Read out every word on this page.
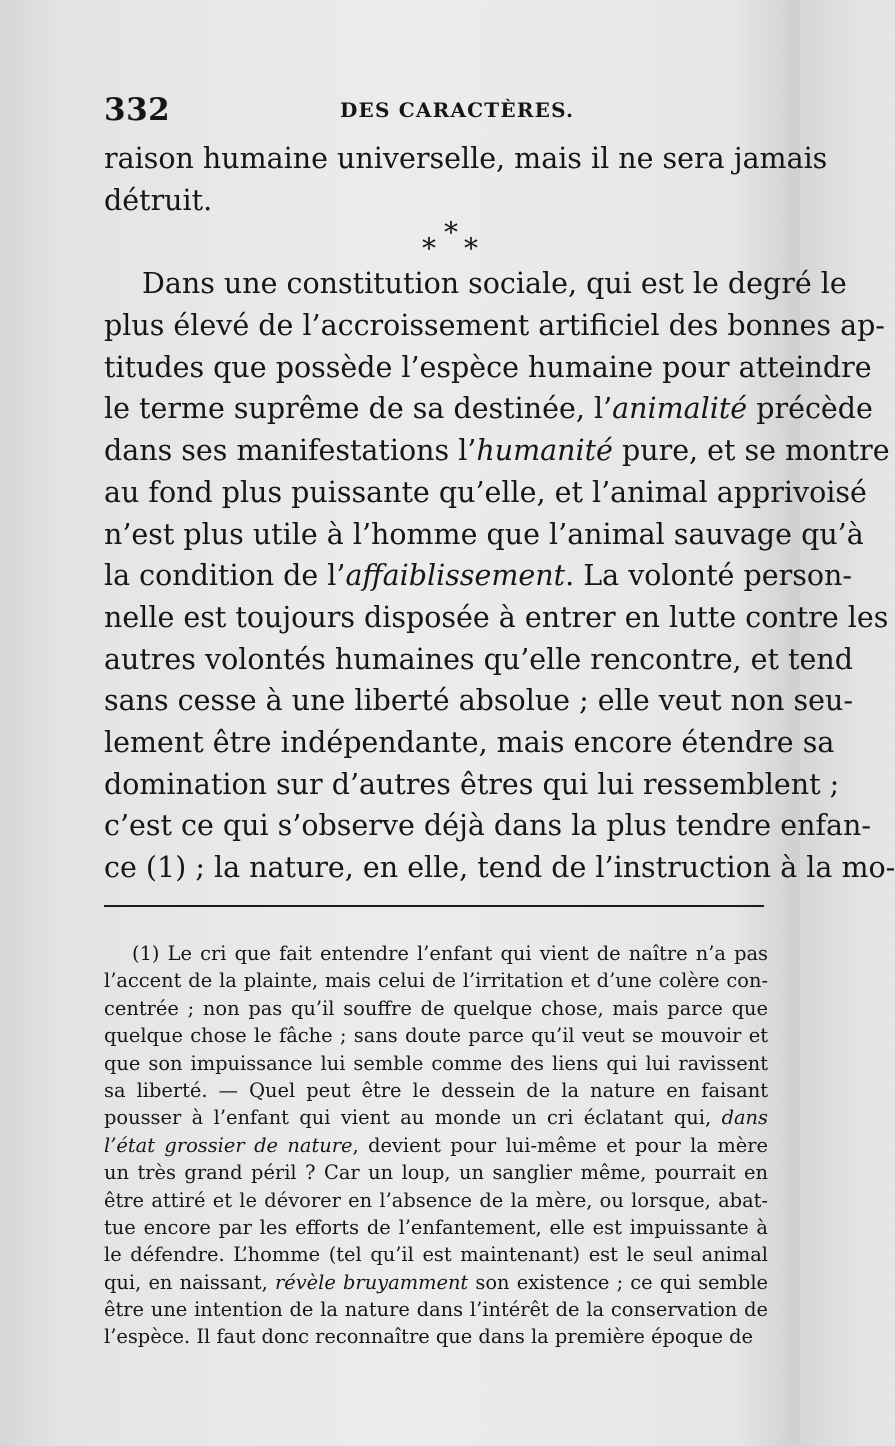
332	DES CARACTÈRES.
raison humaine universelle, mais il ne sera jamais
détruit.
*
* *
Dans une constitution sociale, qui est le degré le
plus élevé de l’accroissement artificiel des bonnes ap-
titudes que possède l’espèce humaine pour atteindre
le terme suprême de sa destinée, l’animalité précède
dans ses manifestations l’humanité pure, et se montre
au fond plus puissante qu’elle, et l’animal apprivoisé
n’est plus utile à l’homme que l’animal sauvage qu’à
la condition de l’affaiblissement. La volonté person-
nelle est toujours disposée à entrer en lutte contre les
autres volontés humaines qu’elle rencontre, et tend
sans cesse à une liberté absolue ; elle veut non seu-
lement être indépendante, mais encore étendre sa
domination sur d’autres êtres qui lui ressemblent ;
c’est ce qui s’observe déjà dans la plus tendre enfan-
ce (1) ; la nature, en elle, tend de l’instruction à la mo-
(1) Le cri que fait entendre l’enfant qui vient de naître n’a pas
l’accent de la plainte, mais celui de l’irritation et d’une colère con-
centrée ; non pas qu’il souffre de quelque chose, mais parce que
quelque chose le fâche ; sans doute parce qu’il veut se mouvoir et
que son impuissance lui semble comme des liens qui lui ravissent
sa liberté. — Quel peut être le dessein de la nature en faisant
pousser à l’enfant qui vient au monde un cri éclatant qui, dans
l’état grossier de nature, devient pour lui-même et pour la mère
un très grand péril ? Car un loup, un sanglier même, pourrait en
être attiré et le dévorer en l’absence de la mère, ou lorsque, abat-
tue encore par les efforts de l’enfantement, elle est impuissante à
le défendre. L’homme (tel qu’il est maintenant) est le seul animal
qui, en naissant, révèle bruyamment son existence ; ce qui semble
être une intention de la nature dans l’intérêt de la conservation de
l’espèce. Il faut donc reconnaître que dans la première époque de
